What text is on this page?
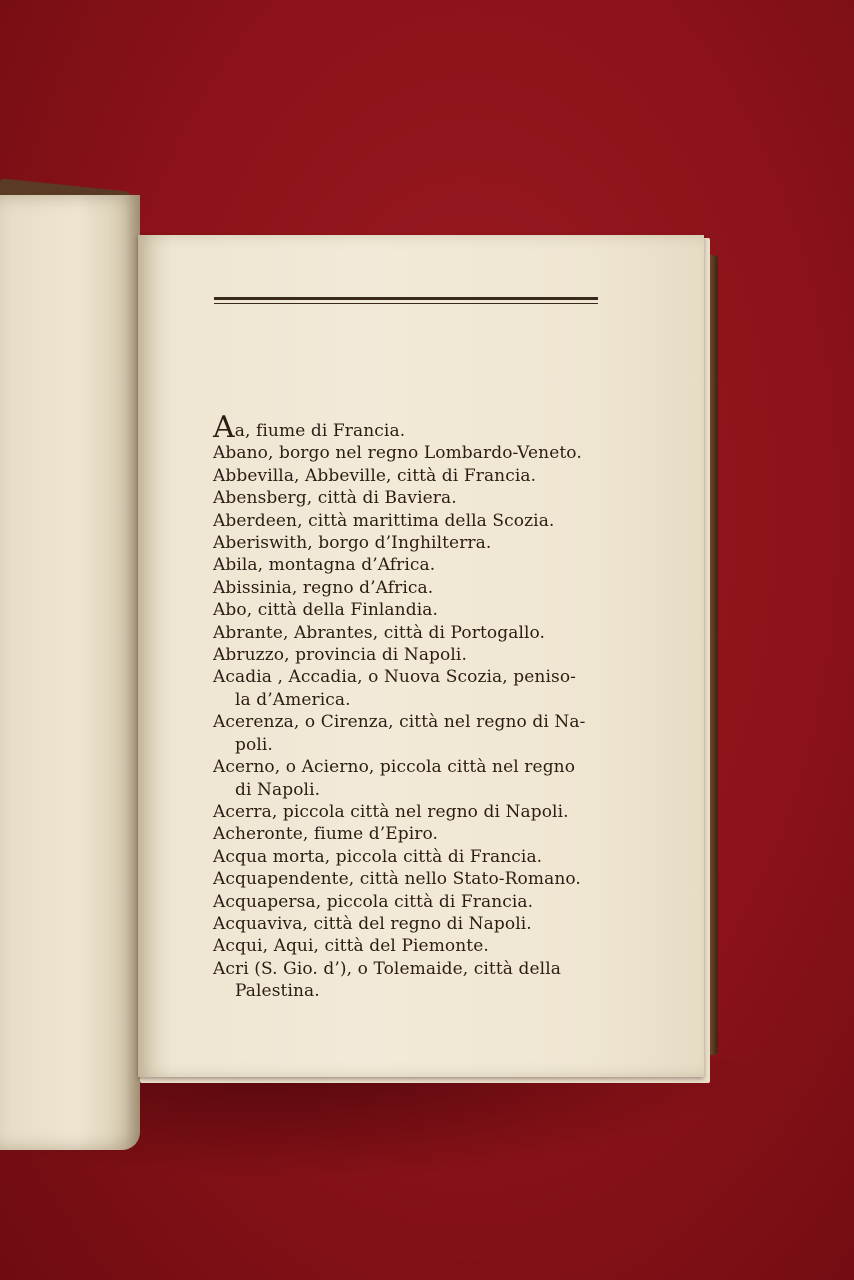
Aa, fiume di Francia.
Abano, borgo nel regno Lombardo-Veneto.
Abbevilla, Abbeville, città di Francia.
Abensberg, città di Baviera.
Aberdeen, città marittima della Scozia.
Aberiswith, borgo d’Inghilterra.
Abila, montagna d’Africa.
Abissinia, regno d’Africa.
Abo, città della Finlandia.
Abrante, Abrantes, città di Portogallo.
Abruzzo, provincia di Napoli.
Acadia , Accadia, o Nuova Scozia, peniso-
la d’America.
Acerenza, o Cirenza, città nel regno di Na-
poli.
Acerno, o Acierno, piccola città nel regno
di Napoli.
Acerra, piccola città nel regno di Napoli.
Acheronte, fiume d’Epiro.
Acqua morta, piccola città di Francia.
Acquapendente, città nello Stato-Romano.
Acquapersa, piccola città di Francia.
Acquaviva, città del regno di Napoli.
Acqui, Aqui, città del Piemonte.
Acri (S. Gio. d’), o Tolemaide, città della
Palestina.
